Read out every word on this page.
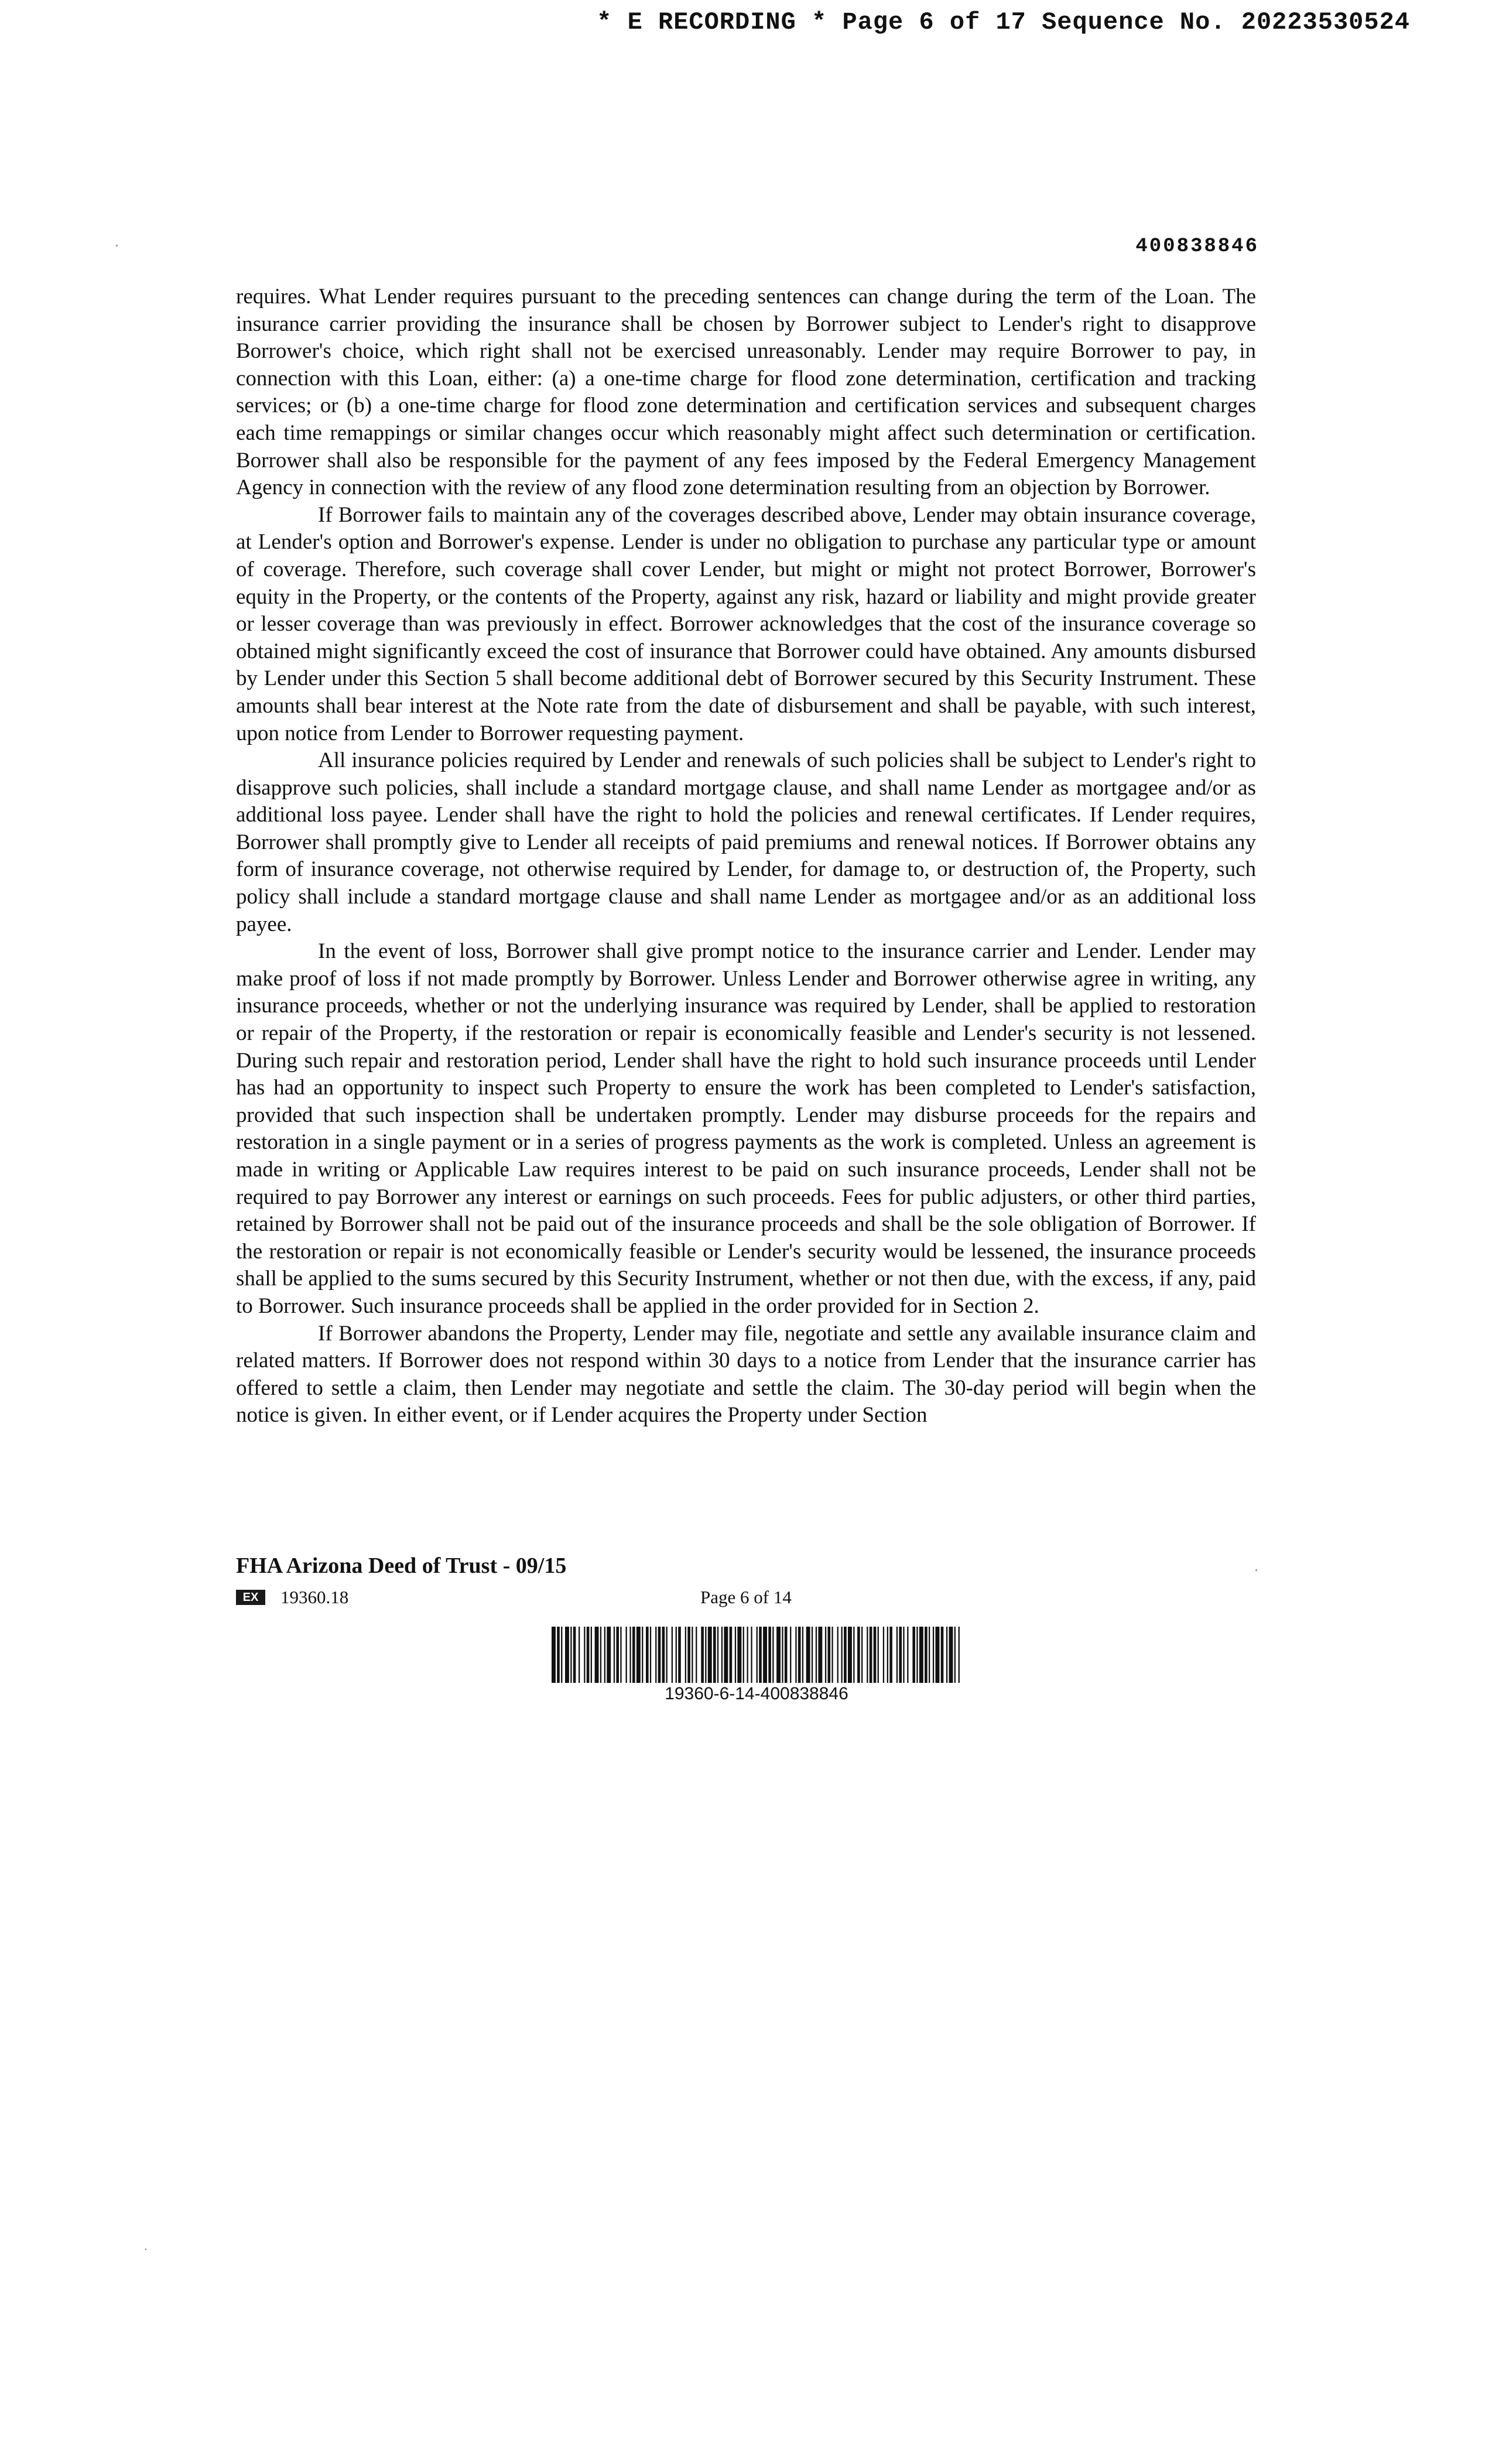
* E RECORDING * Page 6 of 17 Sequence No. 20223530524
400838846

requires. What Lender requires pursuant to the preceding sentences can change during the term of the Loan. The insurance carrier providing the insurance shall be chosen by Borrower subject to Lender's right to disapprove Borrower's choice, which right shall not be exercised unreasonably. Lender may require Borrower to pay, in connection with this Loan, either: (a) a one-time charge for flood zone determination, certification and tracking services; or (b) a one-time charge for flood zone determination and certification services and subsequent charges each time remappings or similar changes occur which reasonably might affect such determination or certification. Borrower shall also be responsible for the payment of any fees imposed by the Federal Emergency Management Agency in connection with the review of any flood zone determination resulting from an objection by Borrower.

If Borrower fails to maintain any of the coverages described above, Lender may obtain insurance coverage, at Lender's option and Borrower's expense. Lender is under no obligation to purchase any particular type or amount of coverage. Therefore, such coverage shall cover Lender, but might or might not protect Borrower, Borrower's equity in the Property, or the contents of the Property, against any risk, hazard or liability and might provide greater or lesser coverage than was previously in effect. Borrower acknowledges that the cost of the insurance coverage so obtained might significantly exceed the cost of insurance that Borrower could have obtained. Any amounts disbursed by Lender under this Section 5 shall become additional debt of Borrower secured by this Security Instrument. These amounts shall bear interest at the Note rate from the date of disbursement and shall be payable, with such interest, upon notice from Lender to Borrower requesting payment.

All insurance policies required by Lender and renewals of such policies shall be subject to Lender's right to disapprove such policies, shall include a standard mortgage clause, and shall name Lender as mortgagee and/or as additional loss payee. Lender shall have the right to hold the policies and renewal certificates. If Lender requires, Borrower shall promptly give to Lender all receipts of paid premiums and renewal notices. If Borrower obtains any form of insurance coverage, not otherwise required by Lender, for damage to, or destruction of, the Property, such policy shall include a standard mortgage clause and shall name Lender as mortgagee and/or as an additional loss payee.

In the event of loss, Borrower shall give prompt notice to the insurance carrier and Lender. Lender may make proof of loss if not made promptly by Borrower. Unless Lender and Borrower otherwise agree in writing, any insurance proceeds, whether or not the underlying insurance was required by Lender, shall be applied to restoration or repair of the Property, if the restoration or repair is economically feasible and Lender's security is not lessened. During such repair and restoration period, Lender shall have the right to hold such insurance proceeds until Lender has had an opportunity to inspect such Property to ensure the work has been completed to Lender's satisfaction, provided that such inspection shall be undertaken promptly. Lender may disburse proceeds for the repairs and restoration in a single payment or in a series of progress payments as the work is completed. Unless an agreement is made in writing or Applicable Law requires interest to be paid on such insurance proceeds, Lender shall not be required to pay Borrower any interest or earnings on such proceeds. Fees for public adjusters, or other third parties, retained by Borrower shall not be paid out of the insurance proceeds and shall be the sole obligation of Borrower. If the restoration or repair is not economically feasible or Lender's security would be lessened, the insurance proceeds shall be applied to the sums secured by this Security Instrument, whether or not then due, with the excess, if any, paid to Borrower. Such insurance proceeds shall be applied in the order provided for in Section 2.

If Borrower abandons the Property, Lender may file, negotiate and settle any available insurance claim and related matters. If Borrower does not respond within 30 days to a notice from Lender that the insurance carrier has offered to settle a claim, then Lender may negotiate and settle the claim. The 30-day period will begin when the notice is given. In either event, or if Lender acquires the Property under Section

FHA Arizona Deed of Trust - 09/15
EX	19360.18	Page 6 of 14
19360-6-14-400838846
